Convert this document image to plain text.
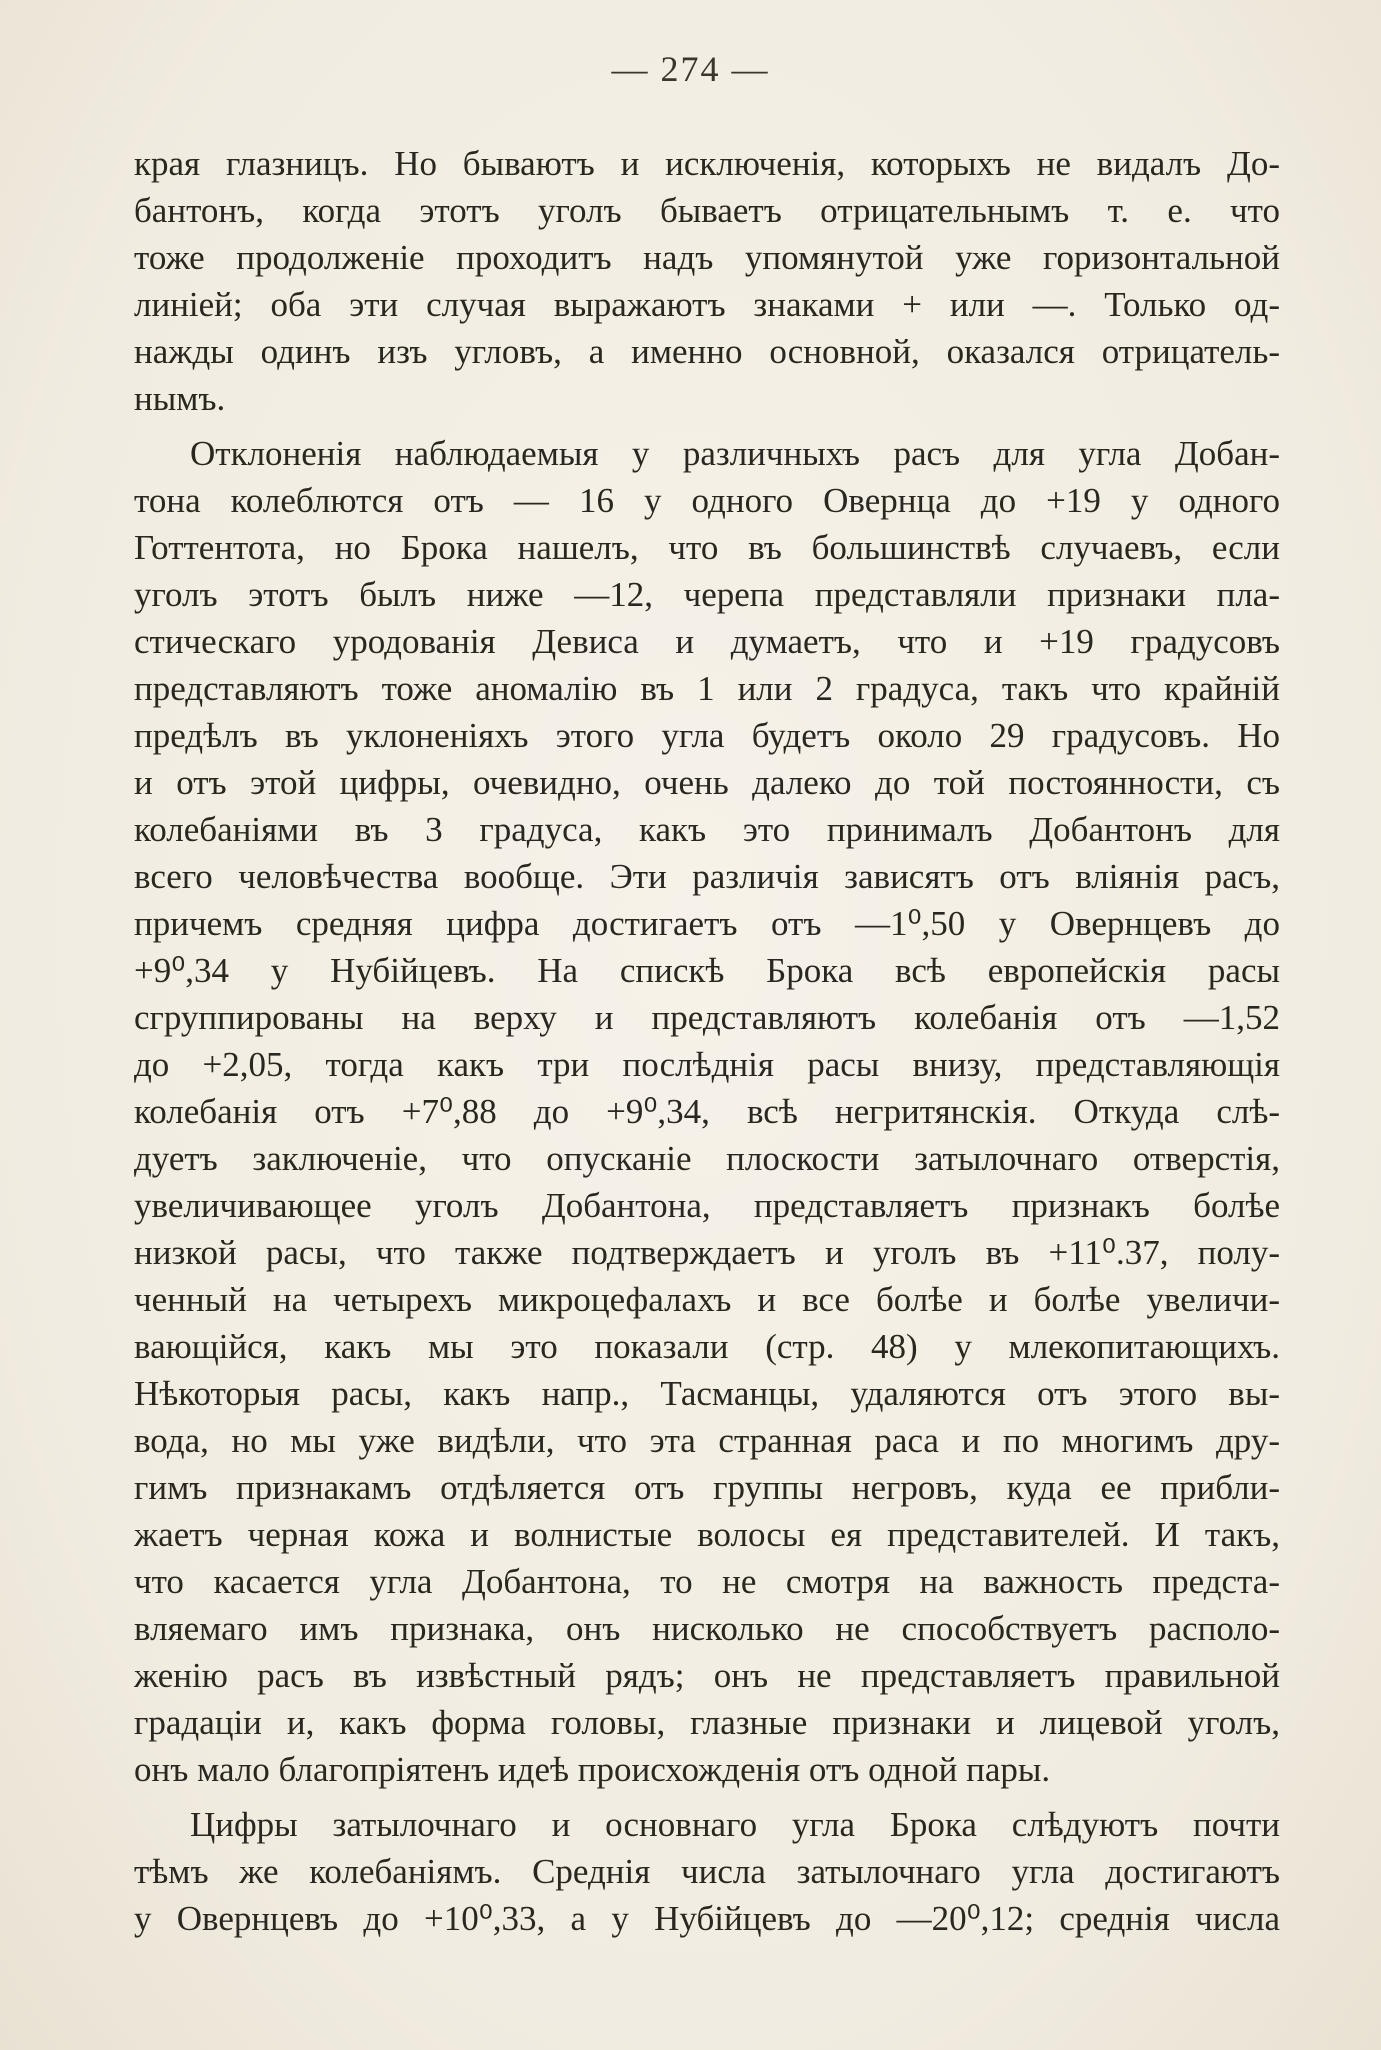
— 274 —
края глазницъ. Но бываютъ и исключенія, которыхъ не видалъ До-
бантонъ, когда этотъ уголъ бываетъ отрицательнымъ т. е. что
тоже продолженіе проходитъ надъ упомянутой уже горизонтальной
линіей; оба эти случая выражаютъ знаками + или —. Только од-
нажды одинъ изъ угловъ, а именно основной, оказался отрицатель-
нымъ.
Отклоненія наблюдаемыя у различныхъ расъ для угла Добан-
тона колеблются отъ — 16 у одного Овернца до +19 у одного
Готтентота, но Брока нашелъ, что въ большинствѣ случаевъ, если
уголъ этотъ былъ ниже —12, черепа представляли признаки пла-
стическаго уродованія Девиса и думаетъ, что и +19 градусовъ
представляютъ тоже аномалію въ 1 или 2 градуса, такъ что крайній
предѣлъ въ уклоненіяхъ этого угла будетъ около 29 градусовъ. Но
и отъ этой цифры, очевидно, очень далеко до той постоянности, съ
колебаніями въ 3 градуса, какъ это принималъ Добантонъ для
всего человѣчества вообще. Эти различія зависятъ отъ вліянія расъ,
причемъ средняя цифра достигаетъ отъ —1⁰,50 у Овернцевъ до
+9⁰,34 у Нубійцевъ. На спискѣ Брока всѣ европейскія расы
сгруппированы на верху и представляютъ колебанія отъ —1,52
до +2,05, тогда какъ три послѣднія расы внизу, представляющія
колебанія отъ +7⁰,88 до +9⁰,34, всѣ негритянскія. Откуда слѣ-
дуетъ заключеніе, что опусканіе плоскости затылочнаго отверстія,
увеличивающее уголъ Добантона, представляетъ признакъ болѣе
низкой расы, что также подтверждаетъ и уголъ въ +11⁰.37, полу-
ченный на четырехъ микроцефалахъ и все болѣе и болѣе увеличи-
вающійся, какъ мы это показали (стр. 48) у млекопитающихъ.
Нѣкоторыя расы, какъ напр., Тасманцы, удаляются отъ этого вы-
вода, но мы уже видѣли, что эта странная раса и по многимъ дру-
гимъ признакамъ отдѣляется отъ группы негровъ, куда ее прибли-
жаетъ черная кожа и волнистые волосы ея представителей. И такъ,
что касается угла Добантона, то не смотря на важность предста-
вляемаго имъ признака, онъ нисколько не способствуетъ располо-
женію расъ въ извѣстный рядъ; онъ не представляетъ правильной
градаціи и, какъ форма головы, глазные признаки и лицевой уголъ,
онъ мало благопріятенъ идеѣ происхожденія отъ одной пары.
Цифры затылочнаго и основнаго угла Брока слѣдуютъ почти
тѣмъ же колебаніямъ. Среднія числа затылочнаго угла достигаютъ
у Овернцевъ до +10⁰,33, а у Нубійцевъ до —20⁰,12; среднія числа
